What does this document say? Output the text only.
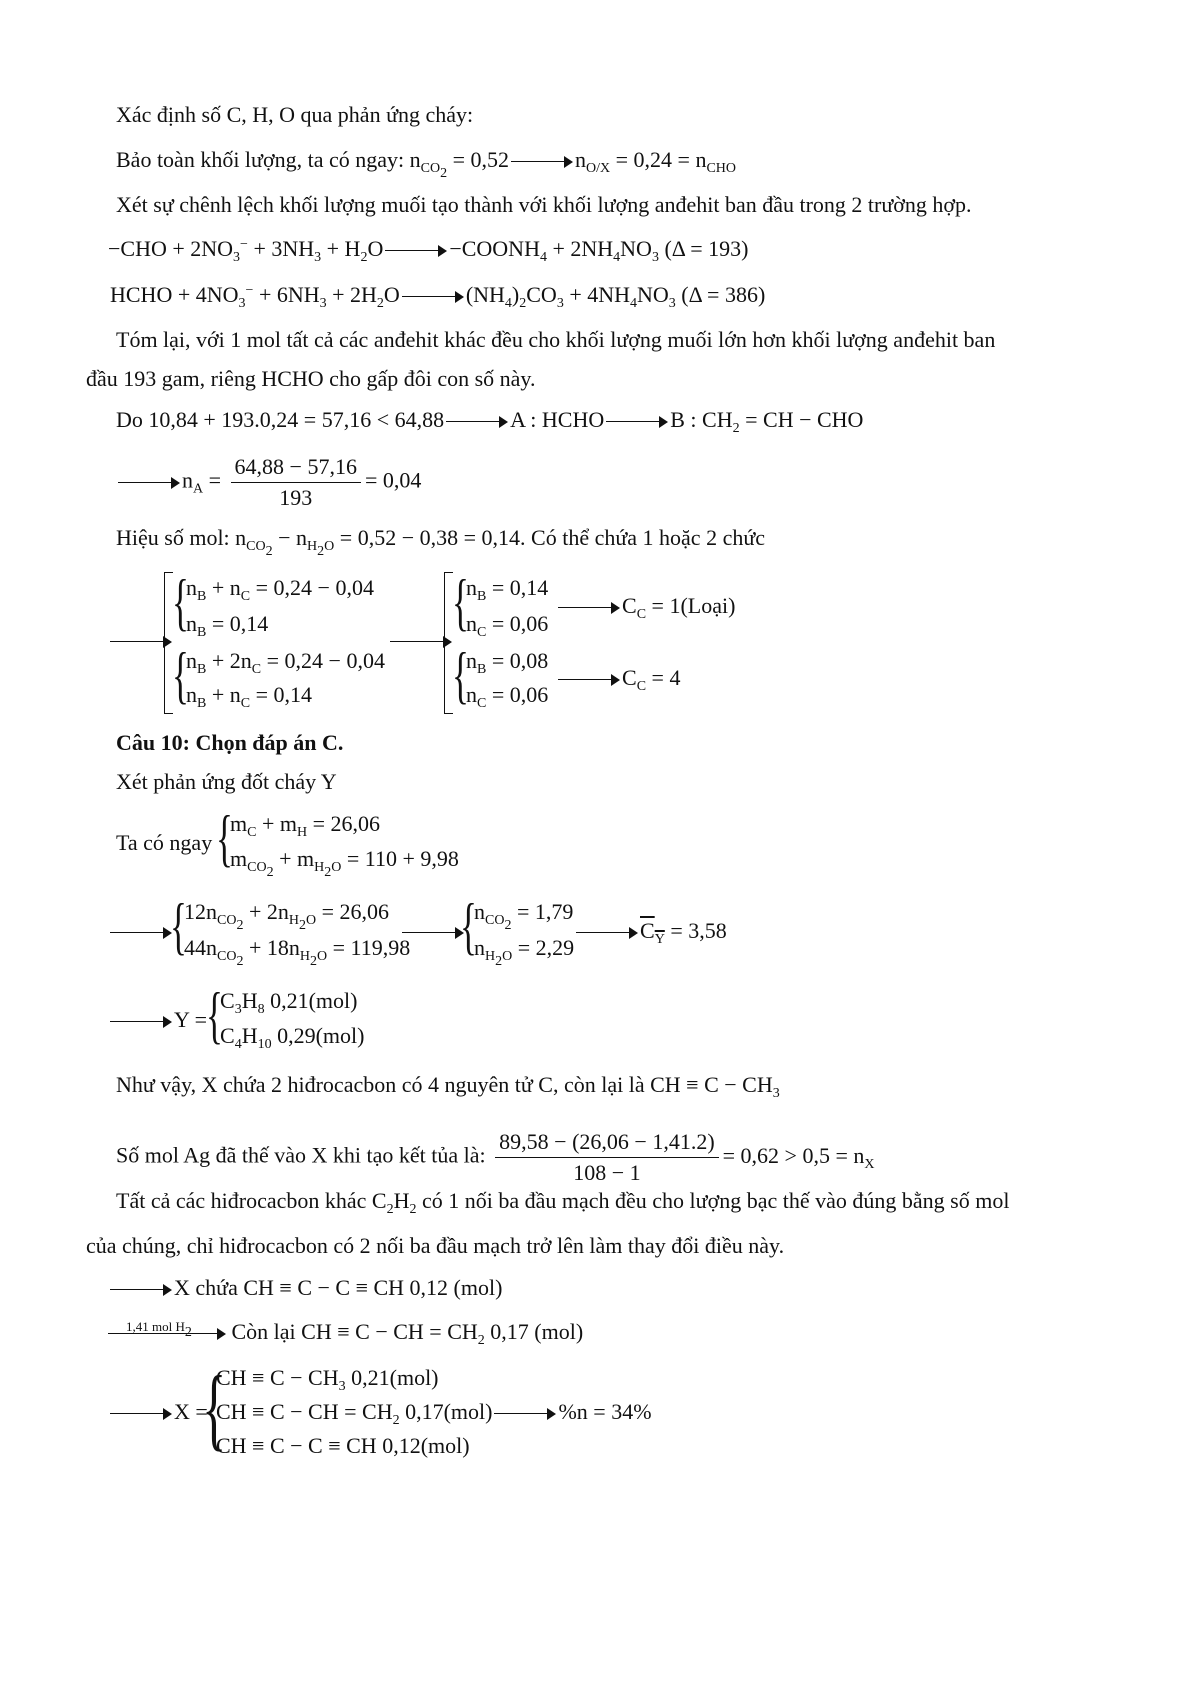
Xác định số C, H, O qua phản ứng cháy:
Bảo toàn khối lượng, ta có ngay: $n_{CO_2} = 0,52$	$n_{O/X} = 0,24 = n_{CHO}$
Xét sự chênh lệch khối lượng muối tạo thành với khối lượng anđehit ban đầu trong 2 trường hợp.
$-CHO + 2NO_3^- + 3NH_3 + H_2O$	$-COONH_4 + 2NH_4NO_3$ (Δ = 193)
HCHO + $4NO_3^- + 6NH_3 + 2H_2O$	$(NH_4)_2CO_3 + 4NH_4NO_3$ (Δ = 386)
Tóm lại, với 1 mol tất cả các anđehit khác đều cho khối lượng muối lớn hơn khối lượng anđehit ban
đầu 193 gam, riêng HCHO cho gấp đôi con số này.
Do 10,84 + 193.0,24 = 57,16 < 64,88	A : HCHO	B : $CH_2$ = CH − CHO
$n_A = \frac{64,88 - 57,16}{193} = 0,04$
Hiệu số mol: $n_{CO_2} - n_{H_2O} = 0,52 - 0,38 = 0,14$. Có thể chứa 1 hoặc 2 chức
{
$n_B + n_C = 0,24 - 0,04$
$n_B = 0,14$
{
$n_B + 2n_C = 0,24 - 0,04$
$n_B + n_C = 0,14$
{
$n_B = 0,14$
$n_C = 0,06$
$C_C$ = 1(Loại)
{
$n_B = 0,08$
$n_C = 0,06$
$C_C = 4$
Câu 10: Chọn đáp án C.
Xét phản ứng đốt cháy Y
Ta có ngay {
$m_C + m_H = 26,06$
$m_{CO_2} + m_{H_2O} = 110 + 9,98$
{
$12n_{CO_2} + 2n_{H_2O} = 26,06$
$44n_{CO_2} + 18n_{H_2O} = 119,98$ {
$n_{CO_2} = 1,79$
$n_{H_2O} = 2,29$
$C_Y = 3,58$
Y = {
$C_3H_8$ 0,21(mol)
$C_4H_{10}$ 0,29(mol)
Như vậy, X chứa 2 hiđrocacbon có 4 nguyên tử C, còn lại là CH ≡ $C - CH_3$
Số mol Ag đã thế vào X khi tạo kết tủa là: $\frac{89,58 - (26,06 - 1,41.2)}{108 - 1} = 0,62 > 0,5 = n_X$
Tất cả các hiđrocacbon khác $C_2H_2$ có 1 nối ba đầu mạch đều cho lượng bạc thế vào đúng bằng số mol
của chúng, chỉ hiđrocacbon có 2 nối ba đầu mạch trở lên làm thay đổi điều này.
X chứa CH ≡ C − C ≡ CH 0,12 (mol)
1,41 mol $H_2$ Còn lại CH ≡ C − CH = $CH_2$ 0,17 (mol)
X =
{
CH ≡ $C - CH_3$ 0,21(mol)
CH ≡ C − CH = $CH_2$ 0,17(mol)	%n = 34%
CH ≡ C − C ≡ CH 0,12(mol)
